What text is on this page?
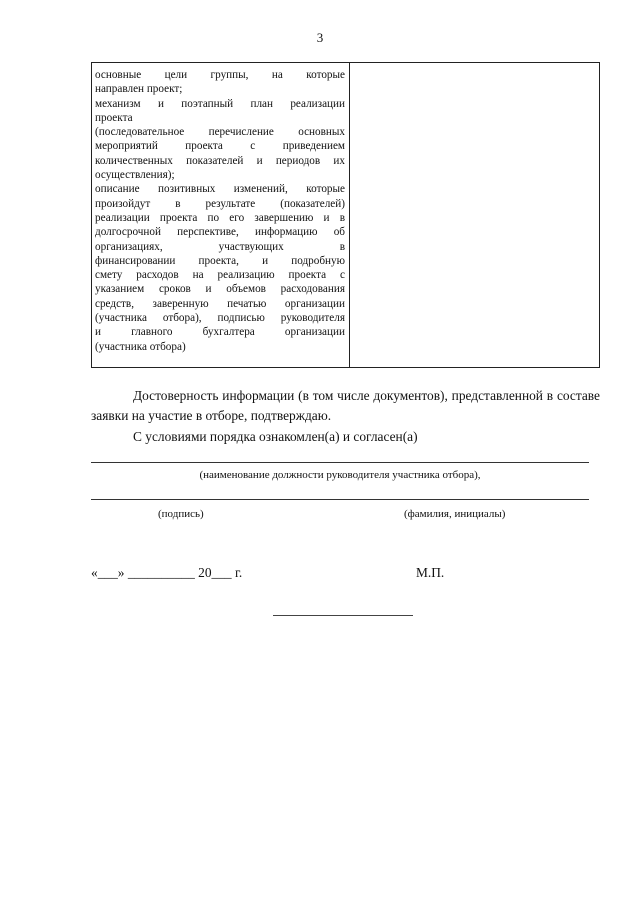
3
основные цели группы, на которые
направлен проект;
механизм и поэтапный план реализации
проекта
(последовательное перечисление основных
мероприятий проекта с приведением
количественных показателей и периодов их
осуществления);
описание позитивных изменений, которые
произойдут в результате (показателей)
реализации проекта по его завершению и в
долгосрочной перспективе, информацию об
организациях, участвующих в
финансировании проекта, и подробную
смету расходов на реализацию проекта с
указанием сроков и объемов расходования
средств, заверенную печатью организации
(участника отбора), подписью руководителя
и главного бухгалтера организации
(участника отбора)
Достоверность информации (в том числе документов), представленной в составе заявки на участие в отборе, подтверждаю.
С условиями порядка ознакомлен(а) и согласен(а)
(наименование должности руководителя участника отбора),
(подпись)	(фамилия, инициалы)
«___» __________ 20___ г.	М.П.
